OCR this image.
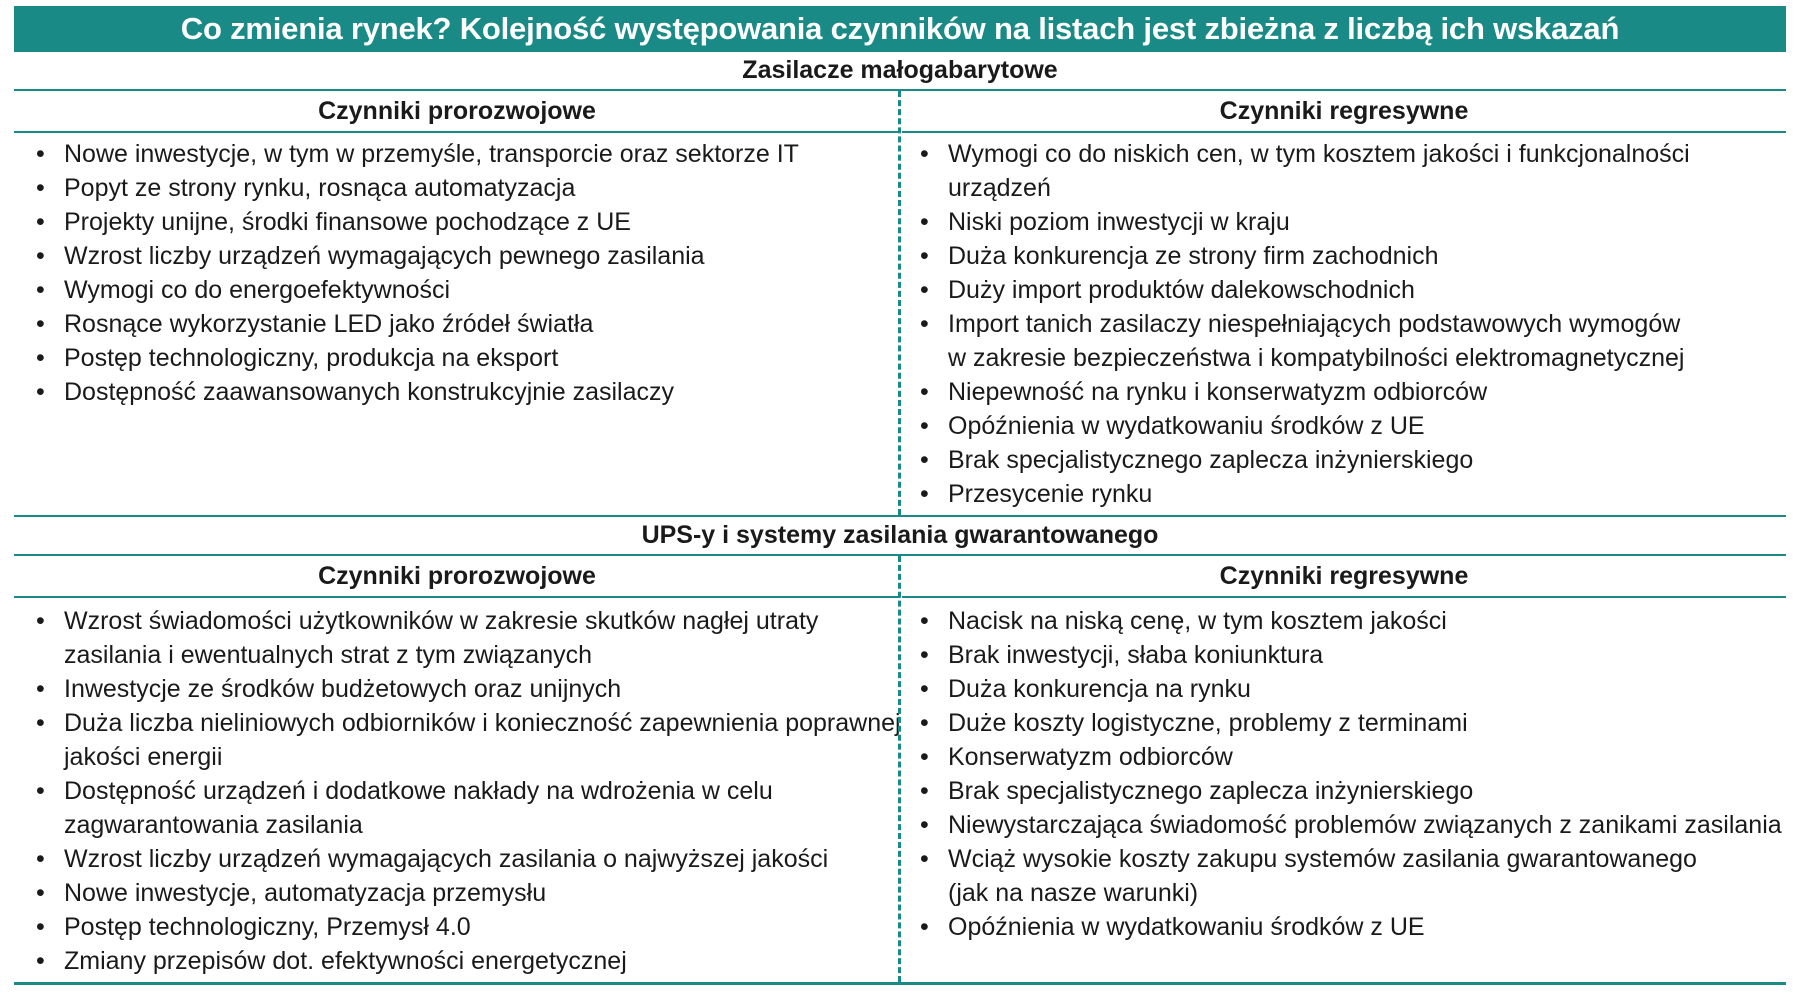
Co zmienia rynek? Kolejność występowania czynników na listach jest zbieżna z liczbą ich wskazań
Zasilacze małogabarytowe
Czynniki prorozwojowe
• Nowe inwestycje, w tym w przemyśle, transporcie oraz sektorze IT
• Popyt ze strony rynku, rosnąca automatyzacja
• Projekty unijne, środki finansowe pochodzące z UE
• Wzrost liczby urządzeń wymagających pewnego zasilania
• Wymogi co do energoefektywności
• Rosnące wykorzystanie LED jako źródeł światła
• Postęp technologiczny, produkcja na eksport
• Dostępność zaawansowanych konstrukcyjnie zasilaczy
Czynniki regresywne
• Wymogi co do niskich cen, w tym kosztem jakości i funkcjonalności
urządzeń
• Niski poziom inwestycji w kraju
• Duża konkurencja ze strony firm zachodnich
• Duży import produktów dalekowschodnich
• Import tanich zasilaczy niespełniających podstawowych wymogów
w zakresie bezpieczeństwa i kompatybilności elektromagnetycznej
• Niepewność na rynku i konserwatyzm odbiorców
• Opóźnienia w wydatkowaniu środków z UE
• Brak specjalistycznego zaplecza inżynierskiego
• Przesycenie rynku
UPS-y i systemy zasilania gwarantowanego
Czynniki prorozwojowe
• Wzrost świadomości użytkowników w zakresie skutków nagłej utraty
zasilania i ewentualnych strat z tym związanych
• Inwestycje ze środków budżetowych oraz unijnych
• Duża liczba nieliniowych odbiorników i konieczność zapewnienia poprawnej
jakości energii
• Dostępność urządzeń i dodatkowe nakłady na wdrożenia w celu
zagwarantowania zasilania
• Wzrost liczby urządzeń wymagających zasilania o najwyższej jakości
• Nowe inwestycje, automatyzacja przemysłu
• Postęp technologiczny, Przemysł 4.0
• Zmiany przepisów dot. efektywności energetycznej
Czynniki regresywne
• Nacisk na niską cenę, w tym kosztem jakości
• Brak inwestycji, słaba koniunktura
• Duża konkurencja na rynku
• Duże koszty logistyczne, problemy z terminami
• Konserwatyzm odbiorców
• Brak specjalistycznego zaplecza inżynierskiego
• Niewystarczająca świadomość problemów związanych z zanikami zasilania
• Wciąż wysokie koszty zakupu systemów zasilania gwarantowanego
(jak na nasze warunki)
• Opóźnienia w wydatkowaniu środków z UE
